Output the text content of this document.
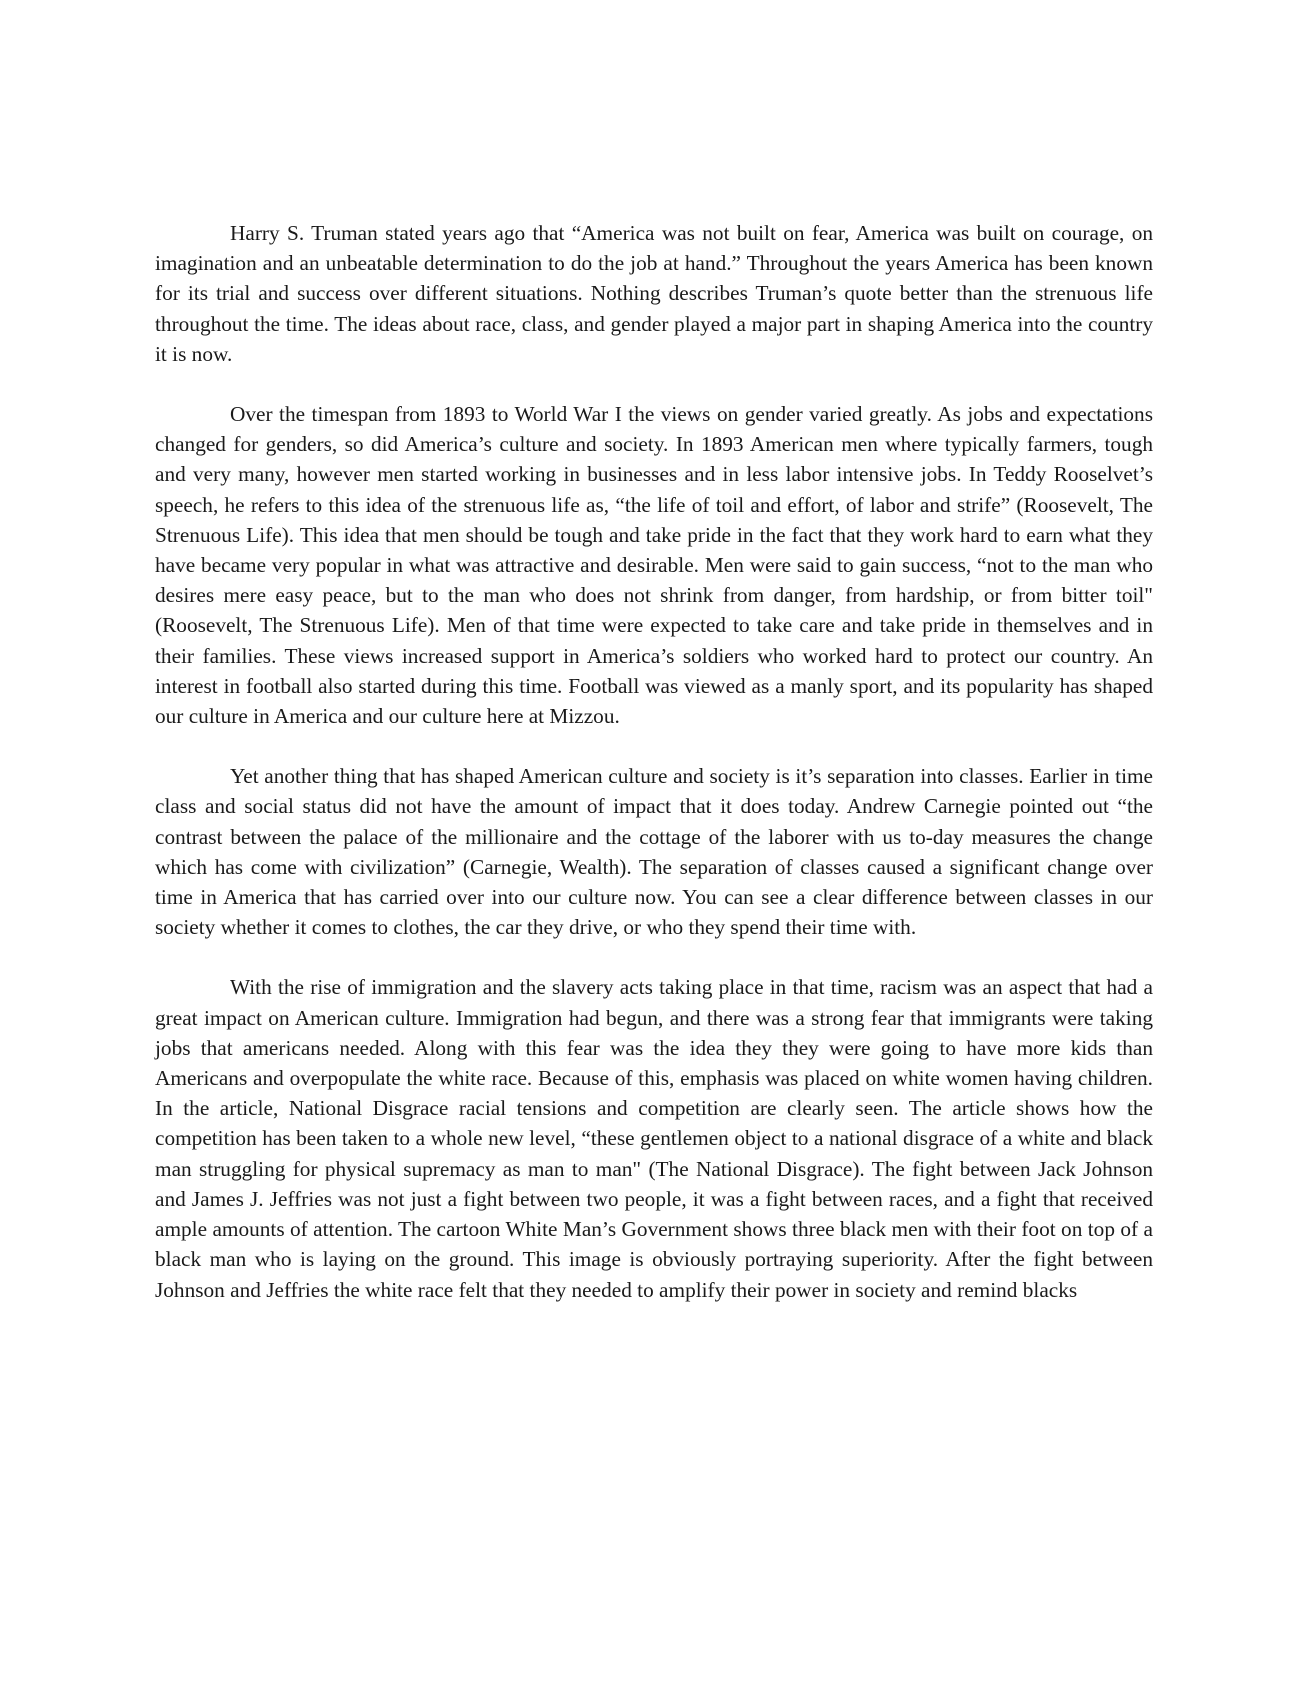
Harry S. Truman stated years ago that “America was not built on fear, America was built on courage, on imagination and an unbeatable determination to do the job at hand.” Throughout the years America has been known for its trial and success over different situations. Nothing describes Truman’s quote better than the strenuous life throughout the time. The ideas about race, class, and gender played a major part in shaping America into the country it is now.

Over the timespan from 1893 to World War I the views on gender varied greatly. As jobs and expectations changed for genders, so did America’s culture and society. In 1893 American men where typically farmers, tough and very many, however men started working in businesses and in less labor intensive jobs. In Teddy Rooselvet’s speech, he refers to this idea of the strenuous life as, “the life of toil and effort, of labor and strife” (Roosevelt, The Strenuous Life). This idea that men should be tough and take pride in the fact that they work hard to earn what they have became very popular in what was attractive and desirable. Men were said to gain success, “not to the man who desires mere easy peace, but to the man who does not shrink from danger, from hardship, or from bitter toil" (Roosevelt, The Strenuous Life). Men of that time were expected to take care and take pride in themselves and in their families. These views increased support in America’s soldiers who worked hard to protect our country. An interest in football also started during this time. Football was viewed as a manly sport, and its popularity has shaped our culture in America and our culture here at Mizzou.

Yet another thing that has shaped American culture and society is it’s separation into classes. Earlier in time class and social status did not have the amount of impact that it does today. Andrew Carnegie pointed out “the contrast between the palace of the millionaire and the cottage of the laborer with us to-day measures the change which has come with civilization” (Carnegie, Wealth). The separation of classes caused a significant change over time in America that has carried over into our culture now. You can see a clear difference between classes in our society whether it comes to clothes, the car they drive, or who they spend their time with.

With the rise of immigration and the slavery acts taking place in that time, racism was an aspect that had a great impact on American culture. Immigration had begun, and there was a strong fear that immigrants were taking jobs that americans needed. Along with this fear was the idea they they were going to have more kids than Americans and overpopulate the white race. Because of this, emphasis was placed on white women having children. In the article, National Disgrace racial tensions and competition are clearly seen. The article shows how the competition has been taken to a whole new level, “these gentlemen object to a national disgrace of a white and black man struggling for physical supremacy as man to man" (The National Disgrace). The fight between Jack Johnson and James J. Jeffries was not just a fight between two people, it was a fight between races, and a fight that received ample amounts of attention. The cartoon White Man’s Government shows three black men with their foot on top of a black man who is laying on the ground. This image is obviously portraying superiority. After the fight between Johnson and Jeffries the white race felt that they needed to amplify their power in society and remind blacks
